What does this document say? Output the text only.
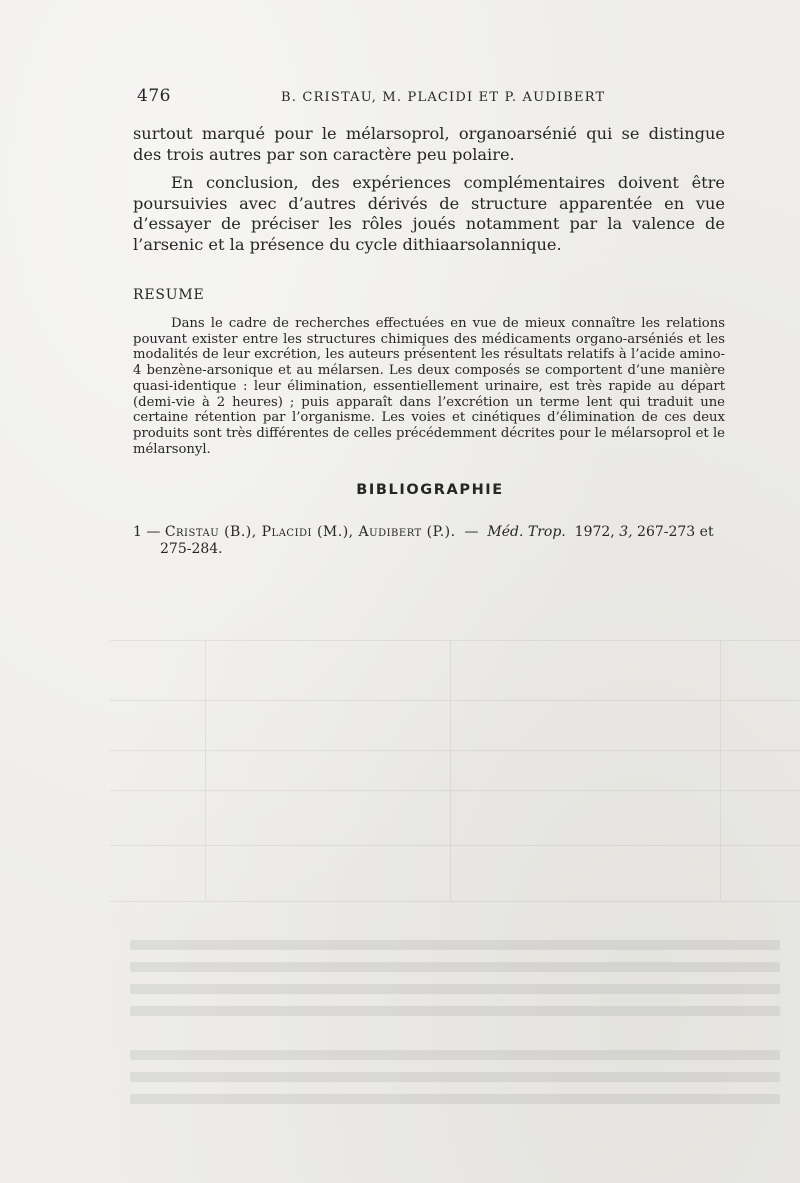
476	B. CRISTAU, M. PLACIDI ET P. AUDIBERT

surtout marqué pour le mélarsoprol, organoarsénié qui se distingue des trois autres par son caractère peu polaire.

En conclusion, des expériences complémentaires doivent être poursuivies avec d’autres dérivés de structure apparentée en vue d’essayer de préciser les rôles joués notamment par la valence de l’arsenic et la présence du cycle dithiaarsolannique.

RESUME

Dans le cadre de recherches effectuées en vue de mieux connaître les relations pouvant exister entre les structures chimiques des médicaments organo-arséniés et les modalités de leur excrétion, les auteurs présentent les résultats relatifs à l’acide amino-4 benzène-arsonique et au mélarsen. Les deux composés se comportent d’une manière quasi-identique : leur élimination, essentiellement urinaire, est très rapide au départ (demi-vie à 2 heures) ; puis apparaît dans l’excrétion un terme lent qui traduit une certaine rétention par l’organisme. Les voies et cinétiques d’élimination de ces deux produits sont très différentes de celles précédemment décrites pour le mélarsoprol et le mélarsonyl.

BIBLIOGRAPHIE
1 — Cristau (B.), Placidi (M.), Audibert (P.). — Méd. Trop. 1972, 3, 267-273 et
275-284.
